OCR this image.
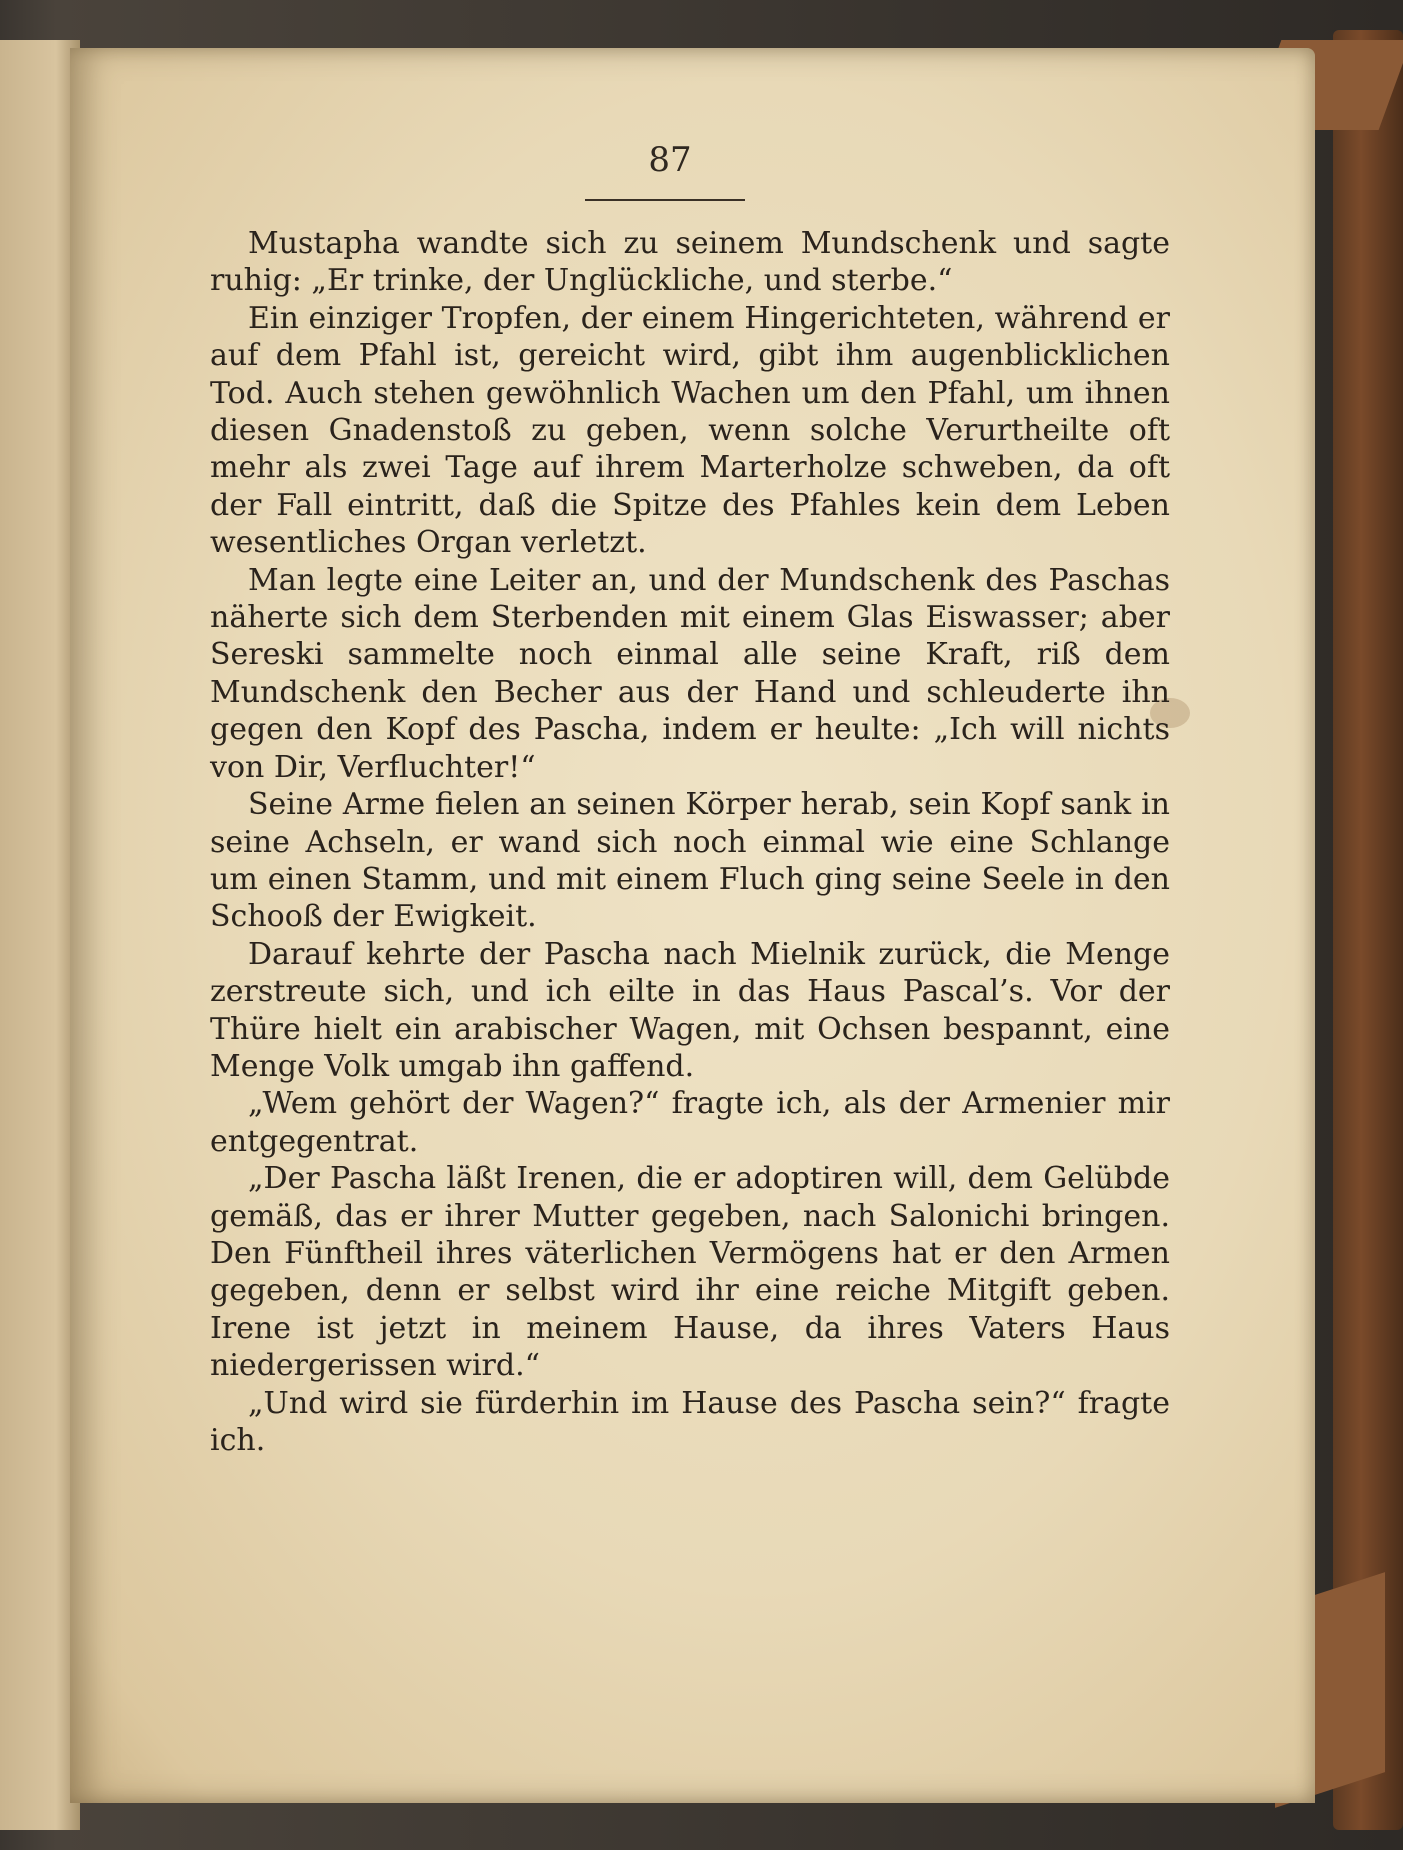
87

Mustapha wandte sich zu seinem Mundschenk und sagte ruhig: „Er trinke, der Unglückliche, und sterbe.“

Ein einziger Tropfen, der einem Hingerichteten, während er auf dem Pfahl ist, gereicht wird, gibt ihm augenblicklichen Tod. Auch stehen gewöhnlich Wachen um den Pfahl, um ihnen diesen Gnadenstoß zu geben, wenn solche Verurtheilte oft mehr als zwei Tage auf ihrem Marterholze schweben, da oft der Fall eintritt, daß die Spitze des Pfahles kein dem Leben wesentliches Organ verletzt.

Man legte eine Leiter an, und der Mundschenk des Paschas näherte sich dem Sterbenden mit einem Glas Eiswasser; aber Sereski sammelte noch einmal alle seine Kraft, riß dem Mundschenk den Becher aus der Hand und schleuderte ihn gegen den Kopf des Pascha, indem er heulte: „Ich will nichts von Dir, Verfluchter!“

Seine Arme fielen an seinen Körper herab, sein Kopf sank in seine Achseln, er wand sich noch einmal wie eine Schlange um einen Stamm, und mit einem Fluch ging seine Seele in den Schooß der Ewigkeit.

Darauf kehrte der Pascha nach Mielnik zurück, die Menge zerstreute sich, und ich eilte in das Haus Pascal’s. Vor der Thüre hielt ein arabischer Wagen, mit Ochsen bespannt, eine Menge Volk umgab ihn gaffend.

„Wem gehört der Wagen?“ fragte ich, als der Armenier mir entgegentrat.

„Der Pascha läßt Irenen, die er adoptiren will, dem Gelübde gemäß, das er ihrer Mutter gegeben, nach Salonichi bringen. Den Fünftheil ihres väterlichen Vermögens hat er den Armen gegeben, denn er selbst wird ihr eine reiche Mitgift geben. Irene ist jetzt in meinem Hause, da ihres Vaters Haus niedergerissen wird.“

„Und wird sie fürderhin im Hause des Pascha sein?“ fragte ich.
